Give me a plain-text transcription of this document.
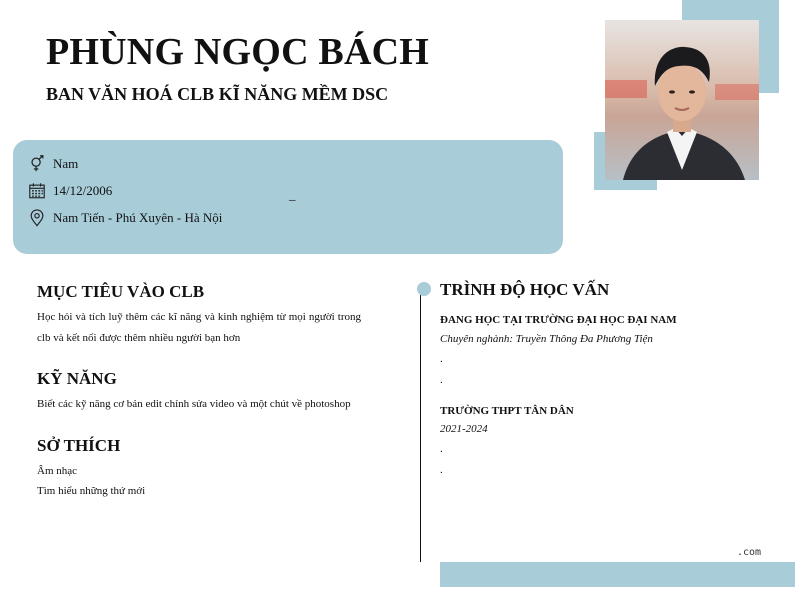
PHÙNG NGỌC BÁCH
BAN VĂN HOÁ CLB KĨ NĂNG MỀM DSC
Nam
14/12/2006
Nam Tiến - Phú Xuyên - Hà Nội
_
MỤC TIÊU VÀO CLB
Học hỏi và tích luỹ thêm các kĩ năng và kinh nghiệm từ mọi người trong clb và kết nối được thêm nhiều người bạn hơn
KỸ NĂNG
Biết các kỹ năng cơ bản edit chỉnh sửa video và một chút về photoshop
SỞ THÍCH
Âm nhạc
Tìm hiểu những thứ mới
TRÌNH ĐỘ HỌC VẤN
ĐANG HỌC TẠI TRƯỜNG ĐẠI HỌC ĐẠI NAM
Chuyên nghành: Truyền Thông Đa Phương Tiện
.
.
TRƯỜNG THPT TÂN DÂN
2021-2024
.
.
.com
